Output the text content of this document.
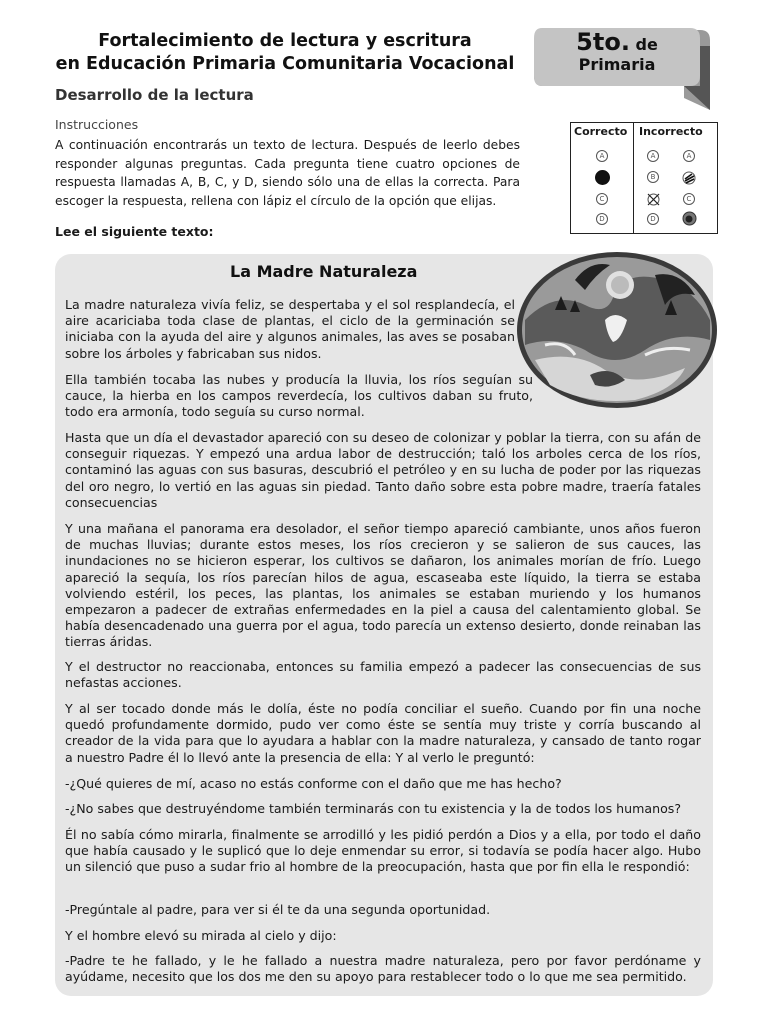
Fortalecimiento de lectura y escritura
en Educación Primaria Comunitaria Vocacional
5to. de
Primaria
Desarrollo de la lectura
Instrucciones
A continuación encontrarás un texto de lectura. Después de leerlo debes responder algunas preguntas. Cada pregunta tiene cuatro opciones de respuesta llamadas A, B, C, y D, siendo sólo una de ellas la correcta. Para escoger la respuesta, rellena con lápiz el círculo de la opción que elijas.
Lee el siguiente texto:
Correcto Incorrecto
A
C
D
A
B
D
A
C
La Madre Naturaleza

La madre naturaleza vivía feliz, se despertaba y el sol resplandecía, el aire acariciaba toda clase de plantas, el ciclo de la germinación se iniciaba con la ayuda del aire y algunos animales, las aves se posaban sobre los árboles y fabricaban sus nidos.

Ella también tocaba las nubes y producía la lluvia, los ríos seguían su cauce, la hierba en los campos reverdecía, los cultivos daban su fruto, todo era armonía, todo seguía su curso normal.

Hasta que un día el devastador apareció con su deseo de colonizar y poblar la tierra, con su afán de conseguir riquezas. Y empezó una ardua labor de destrucción; taló los arboles cerca de los ríos, contaminó las aguas con sus basuras, descubrió el petróleo y en su lucha de poder por las riquezas del oro negro, lo vertió en las aguas sin piedad. Tanto daño sobre esta pobre madre, traería fatales consecuencias

Y una mañana el panorama era desolador, el señor tiempo apareció cambiante, unos años fueron de muchas lluvias; durante estos meses, los ríos crecieron y se salieron de sus cauces, las inundaciones no se hicieron esperar, los cultivos se dañaron, los animales morían de frío. Luego apareció la sequía, los ríos parecían hilos de agua, escaseaba este líquido, la tierra se estaba volviendo estéril, los peces, las plantas, los animales se estaban muriendo y los humanos empezaron a padecer de extrañas enfermedades en la piel a causa del calentamiento global. Se había desencadenado una guerra por el agua, todo parecía un extenso desierto, donde reinaban las tierras áridas.

Y el destructor no reaccionaba, entonces su familia empezó a padecer las consecuencias de sus nefastas acciones.

Y al ser tocado donde más le dolía, éste no podía conciliar el sueño. Cuando por fin una noche quedó profundamente dormido, pudo ver como éste se sentía muy triste y corría buscando al creador de la vida para que lo ayudara a hablar con la madre naturaleza, y cansado de tanto rogar a nuestro Padre él lo llevó ante la presencia de ella: Y al verlo le preguntó:

-¿Qué quieres de mí, acaso no estás conforme con el daño que me has hecho?

-¿No sabes que destruyéndome también terminarás con tu existencia y la de todos los humanos?

Él no sabía cómo mirarla, finalmente se arrodilló y les pidió perdón a Dios y a ella, por todo el daño que había causado y le suplicó que lo deje enmendar su error, si todavía se podía hacer algo. Hubo un silenció que puso a sudar frio al hombre de la preocupación, hasta que por fin ella le respondió:

-Pregúntale al padre, para ver si él te da una segunda oportunidad.

Y el hombre elevó su mirada al cielo y dijo:

-Padre te he fallado, y le he fallado a nuestra madre naturaleza, pero por favor perdóname y ayúdame, necesito que los dos me den su apoyo para restablecer todo o lo que me sea permitido.
